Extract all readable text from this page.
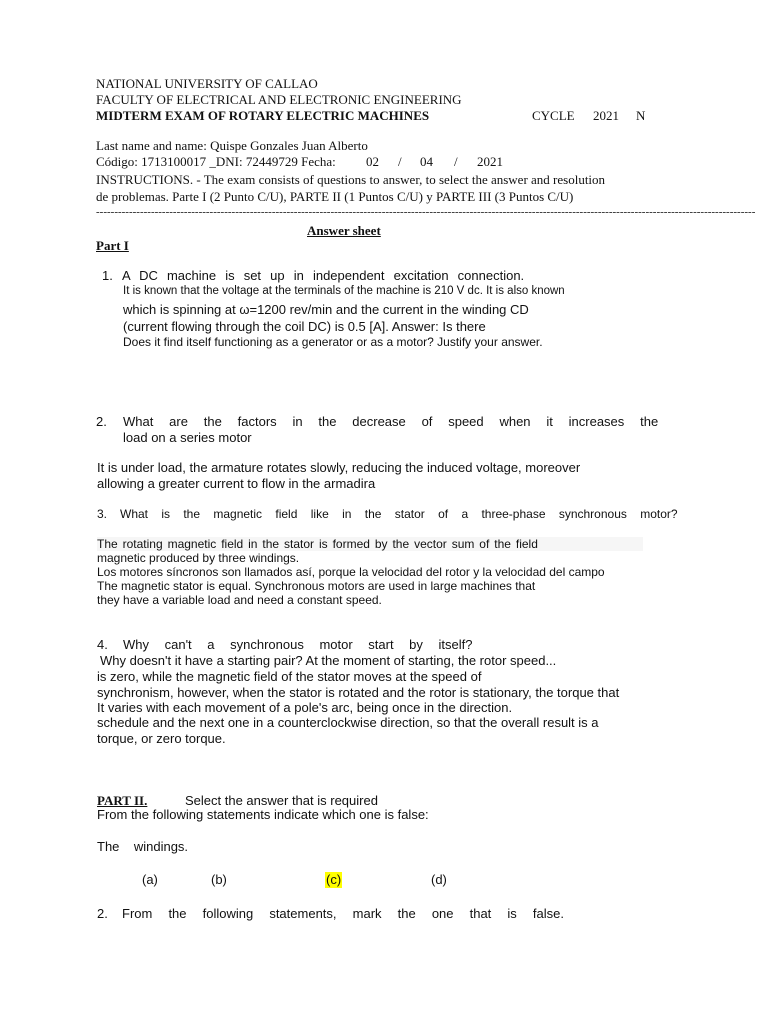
NATIONAL UNIVERSITY OF CALLAO
FACULTY OF ELECTRICAL AND ELECTRONIC ENGINEERING
MIDTERM EXAM OF ROTARY ELECTRIC MACHINES	CYCLE 2021 N
Last name and name: Quispe Gonzales Juan Alberto
Código: 1713100017 _DNI: 72449729 Fecha: 02 / 04 / 2021
INSTRUCTIONS. - The exam consists of questions to answer, to select the answer and resolution
de problemas. Parte I (2 Punto C/U), PARTE II (1 Puntos C/U) y PARTE III (3 Puntos C/U)
------------------------------------------------------------------------------------------------------------------------------------------------------------------------------------
Answer sheet
Part I
1. A DC machine is set up in independent excitation connection.
It is known that the voltage at the terminals of the machine is 210 V dc. It is also known
which is spinning at ω=1200 rev/min and the current in the winding CD
(current flowing through the coil DC) is 0.5 [A]. Answer: Is there
Does it find itself functioning as a generator or as a motor? Justify your answer.
2. What are the factors in the decrease of speed when it increases the
load on a series motor
It is under load, the armature rotates slowly, reducing the induced voltage, moreover
allowing a greater current to flow in the armadira
3. What is the magnetic field like in the stator of a three-phase synchronous motor?
The rotating magnetic field in the stator is formed by the vector sum of the field
magnetic produced by three windings.
Los motores síncronos son llamados así, porque la velocidad del rotor y la velocidad del campo
The magnetic stator is equal. Synchronous motors are used in large machines that
they have a variable load and need a constant speed.
4. Why can't a synchronous motor start by itself?
Why doesn't it have a starting pair? At the moment of starting, the rotor speed...
is zero, while the magnetic field of the stator moves at the speed of
synchronism, however, when the stator is rotated and the rotor is stationary, the torque that
It varies with each movement of a pole's arc, being once in the direction.
schedule and the next one in a counterclockwise direction, so that the overall result is a
torque, or zero torque.
PART II.	Select the answer that is required
From the following statements indicate which one is false:
The    windings.
(a)	(b)	(c)	(d)
2. From the following statements, mark the one that is false.
